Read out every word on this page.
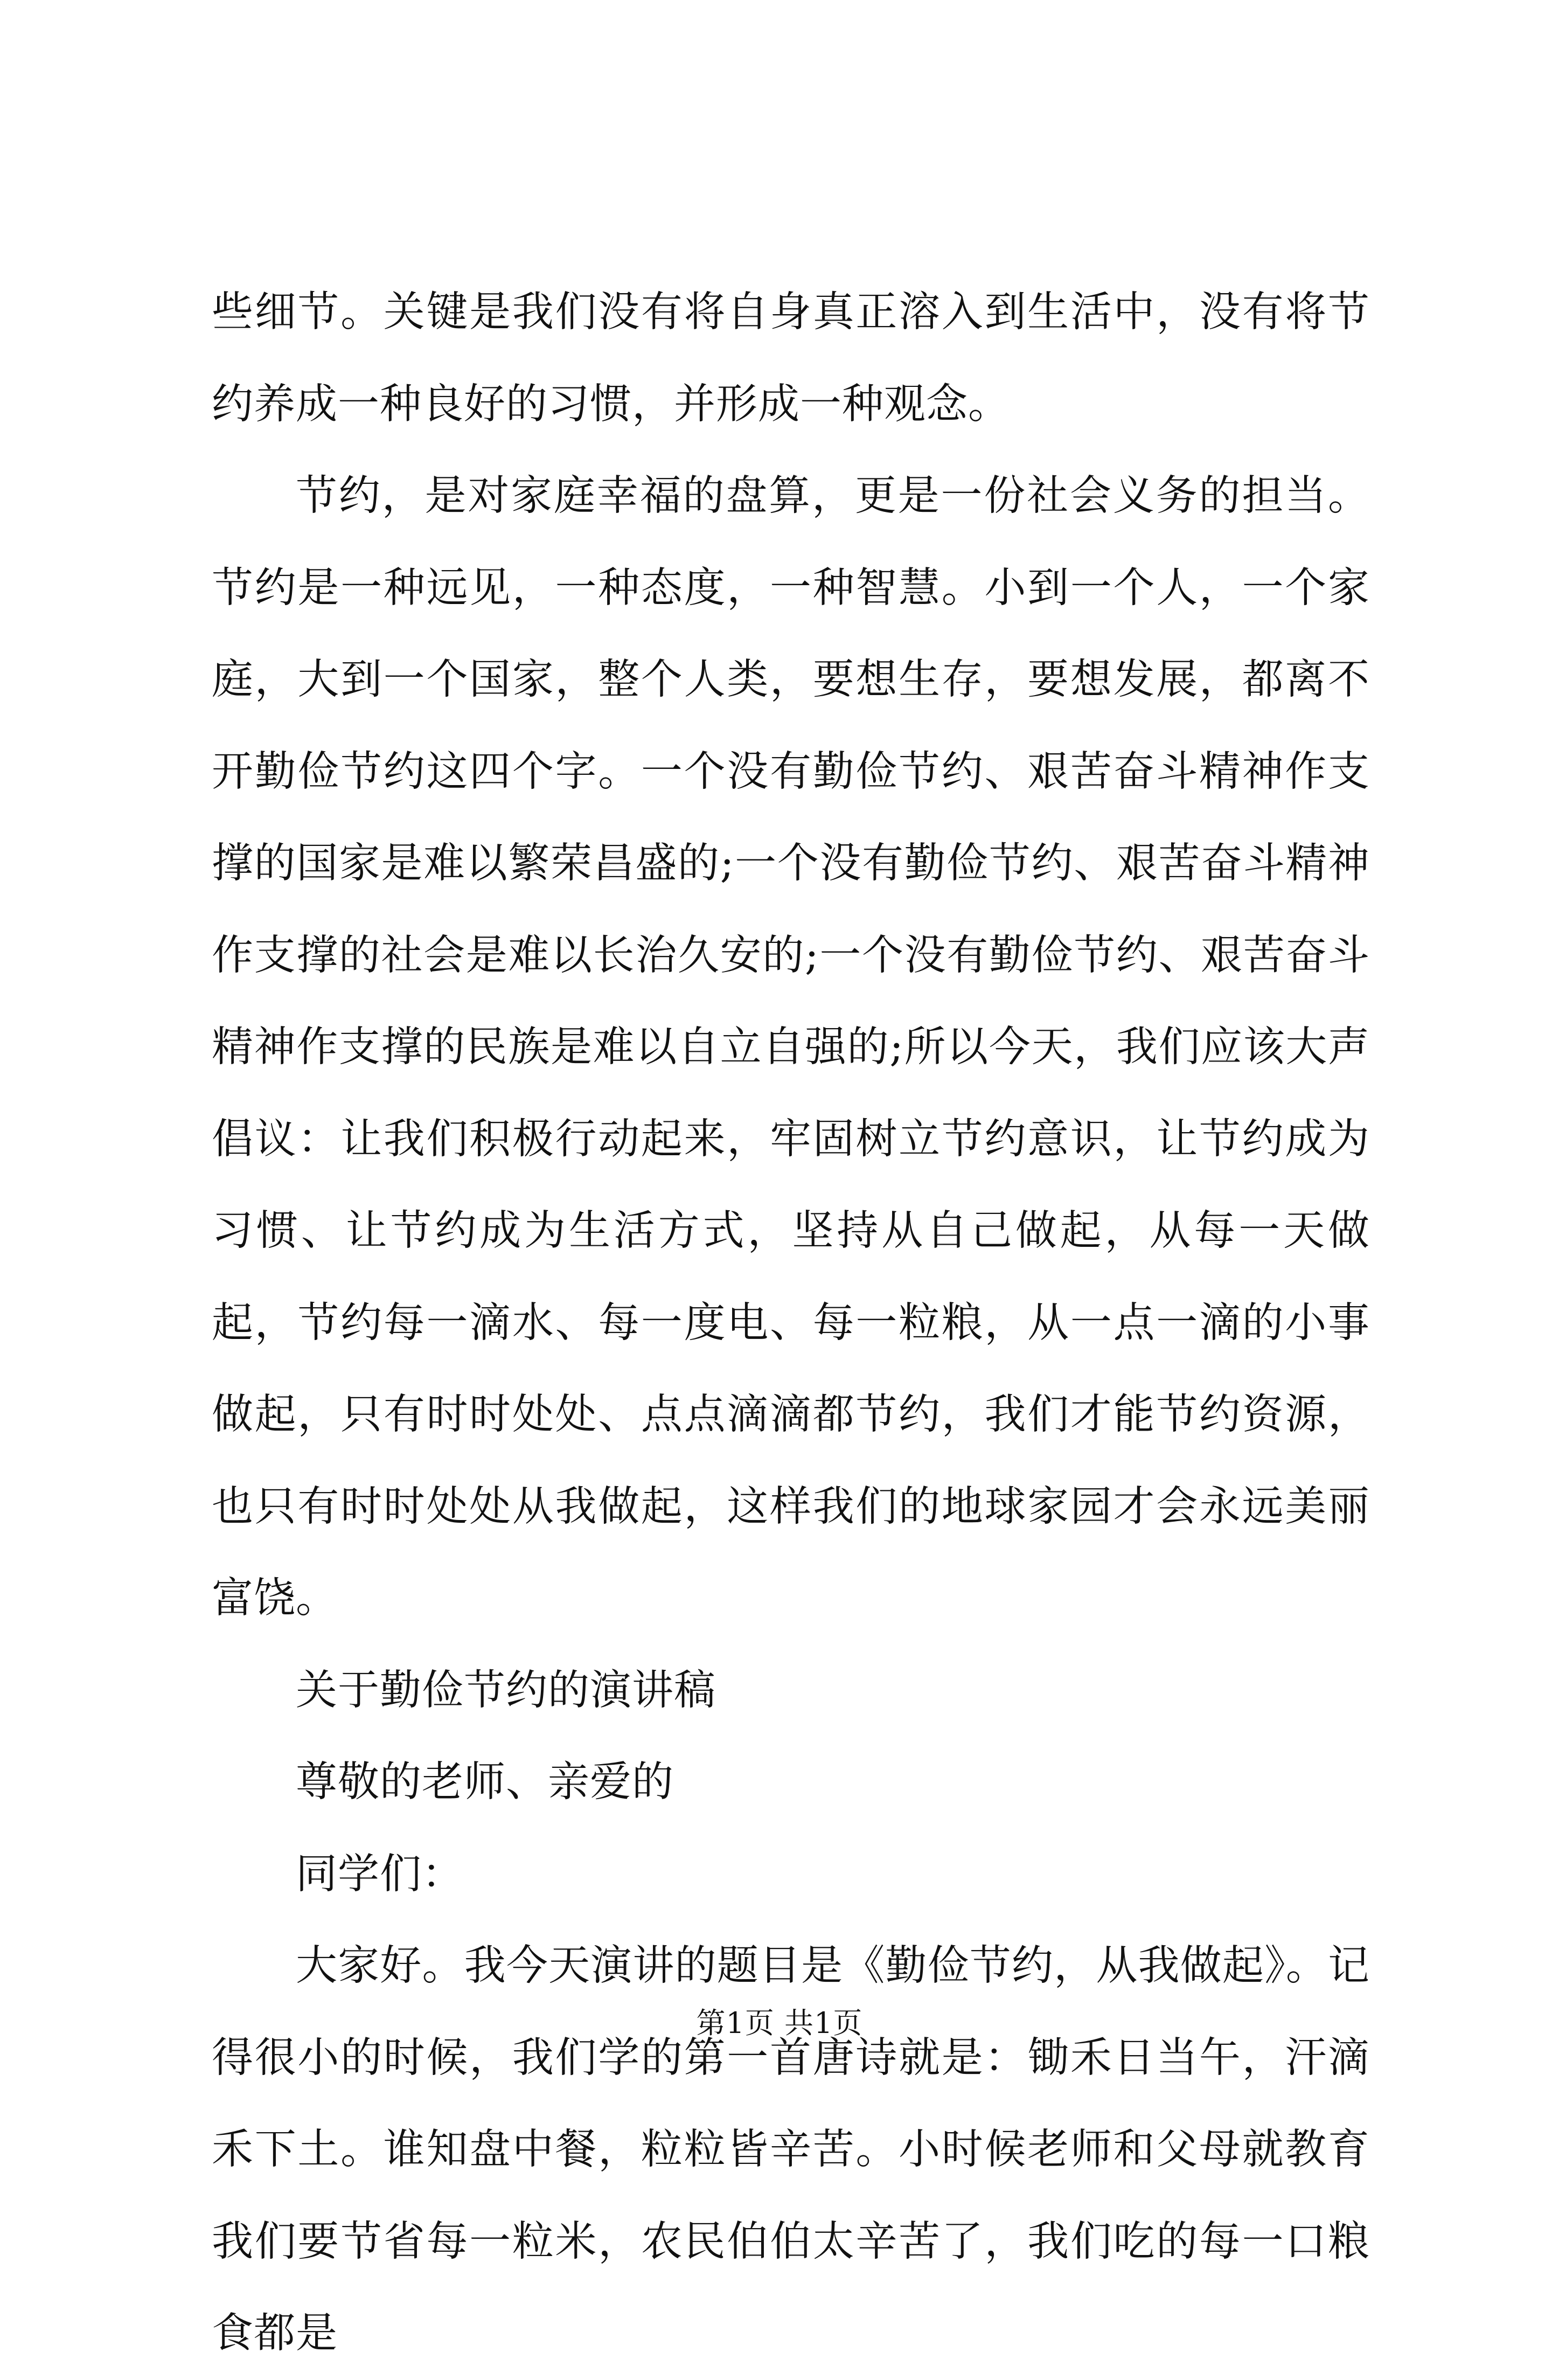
些细节。关键是我们没有将自身真正溶入到生活中，没有将节约养成一种良好的习惯，并形成一种观念。

节约，是对家庭幸福的盘算，更是一份社会义务的担当。节约是一种远见，一种态度，一种智慧。小到一个人，一个家庭，大到一个国家，整个人类，要想生存，要想发展，都离不开勤俭节约这四个字。一个没有勤俭节约、艰苦奋斗精神作支撑的国家是难以繁荣昌盛的;一个没有勤俭节约、艰苦奋斗精神作支撑的社会是难以长治久安的;一个没有勤俭节约、艰苦奋斗精神作支撑的民族是难以自立自强的;所以今天，我们应该大声倡议：让我们积极行动起来，牢固树立节约意识，让节约成为习惯、让节约成为生活方式，坚持从自己做起，从每一天做起，节约每一滴水、每一度电、每一粒粮，从一点一滴的小事做起，只有时时处处、点点滴滴都节约，我们才能节约资源，也只有时时处处从我做起，这样我们的地球家园才会永远美丽富饶。

关于勤俭节约的演讲稿

尊敬的老师、亲爱的

同学们：

大家好。我今天演讲的题目是《勤俭节约，从我做起》。记得很小的时候，我们学的第一首唐诗就是：锄禾日当午，汗滴禾下土。谁知盘中餐，粒粒皆辛苦。小时候老师和父母就教育我们要节省每一粒米，农民伯伯太辛苦了，我们吃的每一口粮食都是

第1页 共1页
